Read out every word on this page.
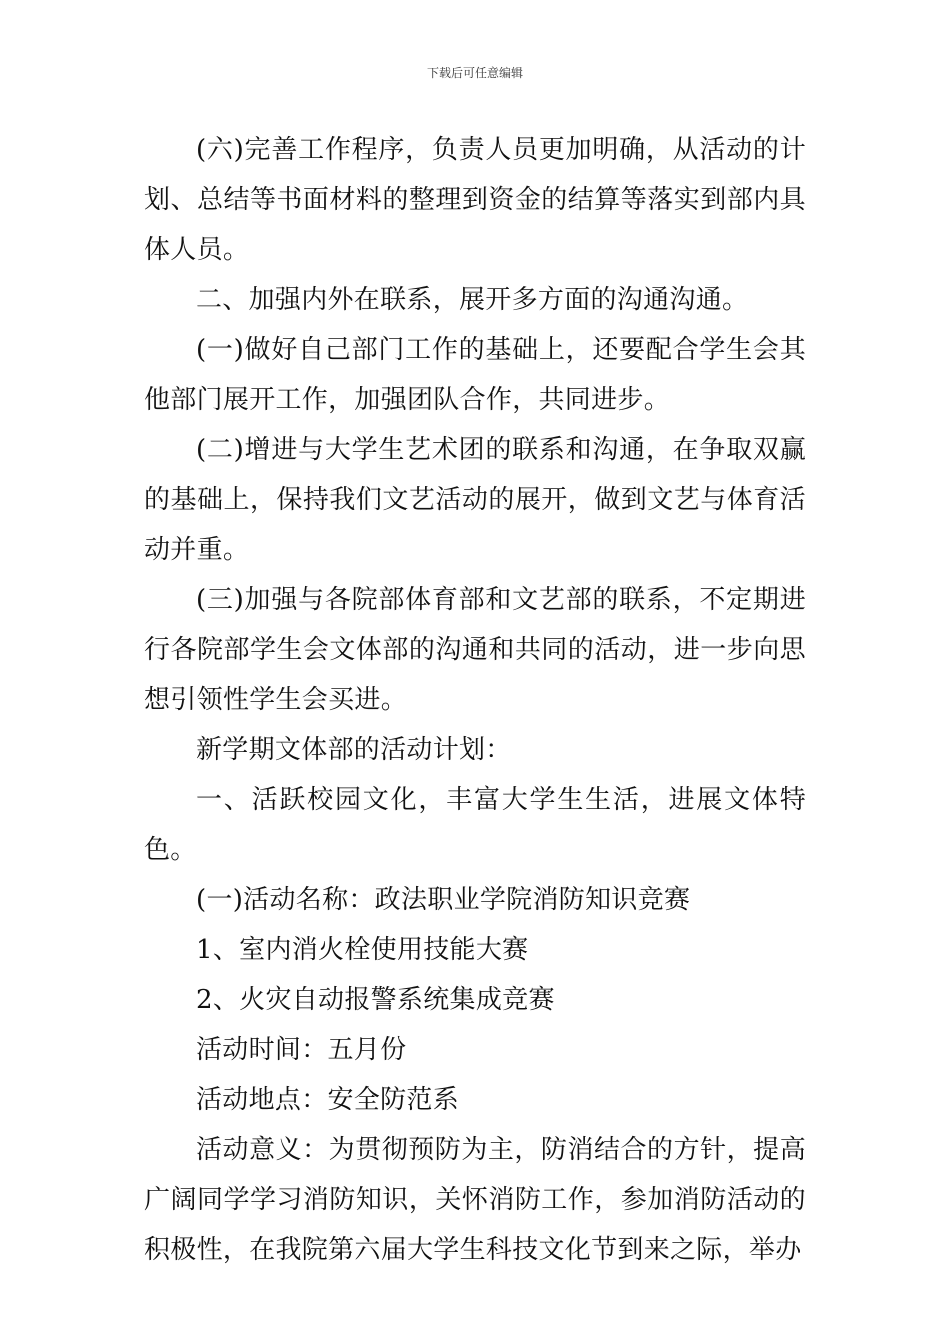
下载后可任意编辑

(六)完善工作程序，负责人员更加明确，从活动的计划、总结等书面材料的整理到资金的结算等落实到部内具体人员。

二、加强内外在联系，展开多方面的沟通沟通。

(一)做好自己部门工作的基础上，还要配合学生会其他部门展开工作，加强团队合作，共同进步。

(二)增进与大学生艺术团的联系和沟通，在争取双赢的基础上，保持我们文艺活动的展开，做到文艺与体育活动并重。

(三)加强与各院部体育部和文艺部的联系，不定期进行各院部学生会文体部的沟通和共同的活动，进一步向思想引领性学生会买进。

新学期文体部的活动计划：

一、活跃校园文化，丰富大学生生活，进展文体特色。

(一)活动名称：政法职业学院消防知识竞赛

1、室内消火栓使用技能大赛

2、火灾自动报警系统集成竞赛

活动时间：五月份

活动地点：安全防范系

活动意义：为贯彻预防为主，防消结合的方针，提高广阔同学学习消防知识，关怀消防工作，参加消防活动的积极性，在我院第六届大学生科技文化节到来之际，举办
